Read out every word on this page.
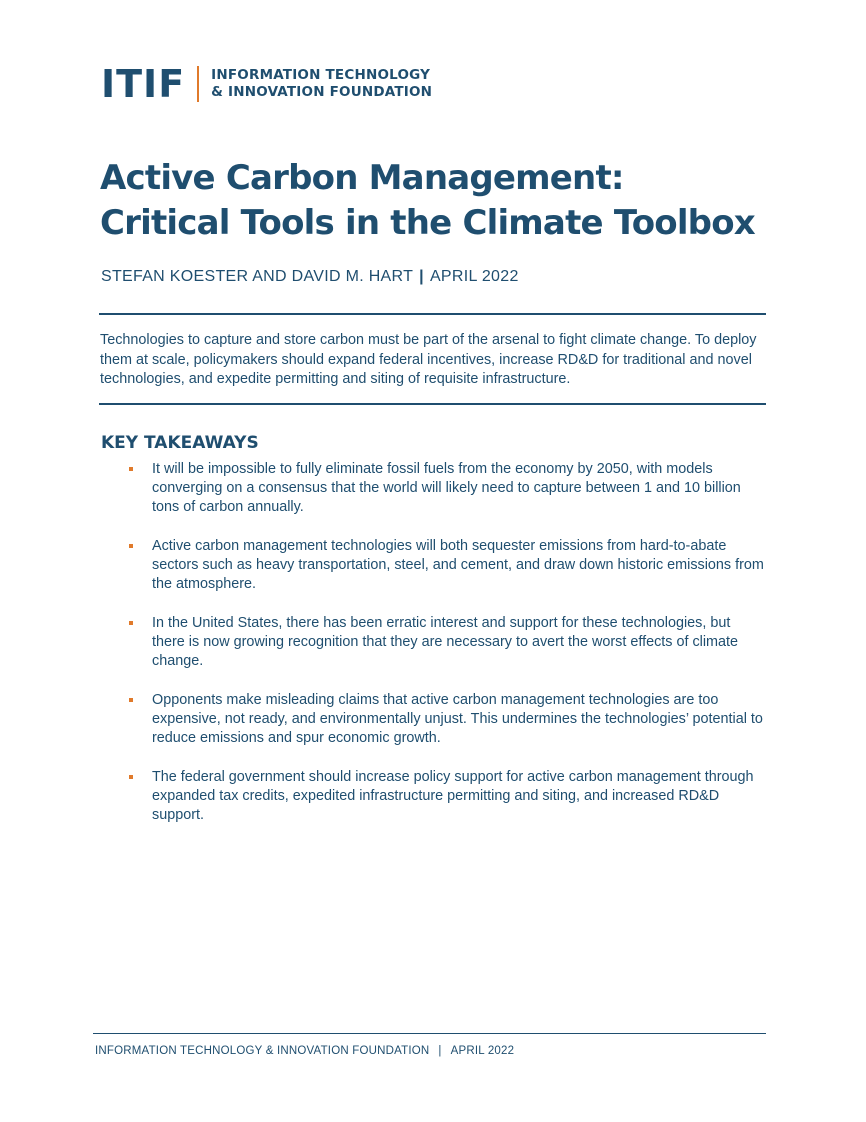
ITIF INFORMATION TECHNOLOGY
& INNOVATION FOUNDATION
Active Carbon Management:
Critical Tools in the Climate Toolbox
STEFAN KOESTER AND DAVID M. HART | APRIL 2022
Technologies to capture and store carbon must be part of the arsenal to fight climate change. To deploy them at scale, policymakers should expand federal incentives, increase RD&D for traditional and novel technologies, and expedite permitting and siting of requisite infrastructure.
KEY TAKEAWAYS
It will be impossible to fully eliminate fossil fuels from the economy by 2050, with models converging on a consensus that the world will likely need to capture between 1 and 10 billion tons of carbon annually.
Active carbon management technologies will both sequester emissions from hard-to-abate sectors such as heavy transportation, steel, and cement, and draw down historic emissions from the atmosphere.
In the United States, there has been erratic interest and support for these technologies, but there is now growing recognition that they are necessary to avert the worst effects of climate change.
Opponents make misleading claims that active carbon management technologies are too expensive, not ready, and environmentally unjust. This undermines the technologies’ potential to reduce emissions and spur economic growth.
The federal government should increase policy support for active carbon management through expanded tax credits, expedited infrastructure permitting and siting, and increased RD&D support.
INFORMATION TECHNOLOGY & INNOVATION FOUNDATION | APRIL 2022
